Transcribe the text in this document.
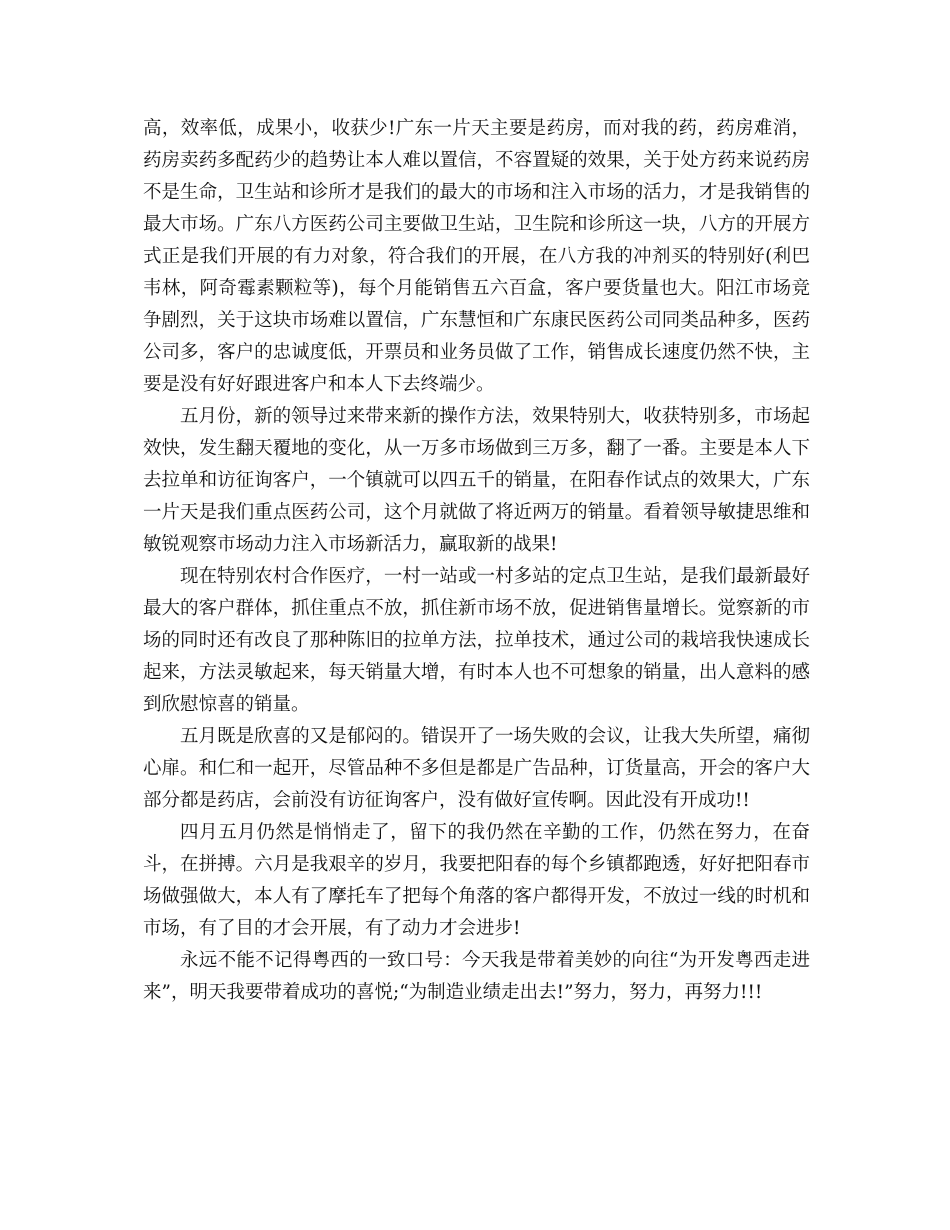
高，效率低，成果小，收获少!广东一片天主要是药房，而对我的药，药房难消，药房卖药多配药少的趋势让本人难以置信，不容置疑的效果，关于处方药来说药房不是生命，卫生站和诊所才是我们的最大的市场和注入市场的活力，才是我销售的最大市场。广东八方医药公司主要做卫生站，卫生院和诊所这一块，八方的开展方式正是我们开展的有力对象，符合我们的开展，在八方我的冲剂买的特别好(利巴韦林，阿奇霉素颗粒等)，每个月能销售五六百盒，客户要货量也大。阳江市场竞争剧烈，关于这块市场难以置信，广东慧恒和广东康民医药公司同类品种多，医药公司多，客户的忠诚度低，开票员和业务员做了工作，销售成长速度仍然不快，主要是没有好好跟进客户和本人下去终端少。

五月份，新的领导过来带来新的操作方法，效果特别大，收获特别多，市场起效快，发生翻天覆地的变化，从一万多市场做到三万多，翻了一番。主要是本人下去拉单和访征询客户，一个镇就可以四五千的销量，在阳春作试点的效果大，广东一片天是我们重点医药公司，这个月就做了将近两万的销量。看着领导敏捷思维和敏锐观察市场动力注入市场新活力，赢取新的战果!

现在特别农村合作医疗，一村一站或一村多站的定点卫生站，是我们最新最好最大的客户群体，抓住重点不放，抓住新市场不放，促进销售量增长。觉察新的市场的同时还有改良了那种陈旧的拉单方法，拉单技术，通过公司的栽培我快速成长起来，方法灵敏起来，每天销量大增，有时本人也不可想象的销量，出人意料的感到欣慰惊喜的销量。

五月既是欣喜的又是郁闷的。错误开了一场失败的会议，让我大失所望，痛彻心扉。和仁和一起开，尽管品种不多但是都是广告品种，订货量高，开会的客户大部分都是药店，会前没有访征询客户，没有做好宣传啊。因此没有开成功!!

四月五月仍然是悄悄走了，留下的我仍然在辛勤的工作，仍然在努力，在奋斗，在拼搏。六月是我艰辛的岁月，我要把阳春的每个乡镇都跑透，好好把阳春市场做强做大，本人有了摩托车了把每个角落的客户都得开发，不放过一线的时机和市场，有了目的才会开展，有了动力才会进步!

永远不能不记得粤西的一致口号：今天我是带着美妙的向往“为开发粤西走进来”，明天我要带着成功的喜悦;“为制造业绩走出去!”努力，努力，再努力!!!
